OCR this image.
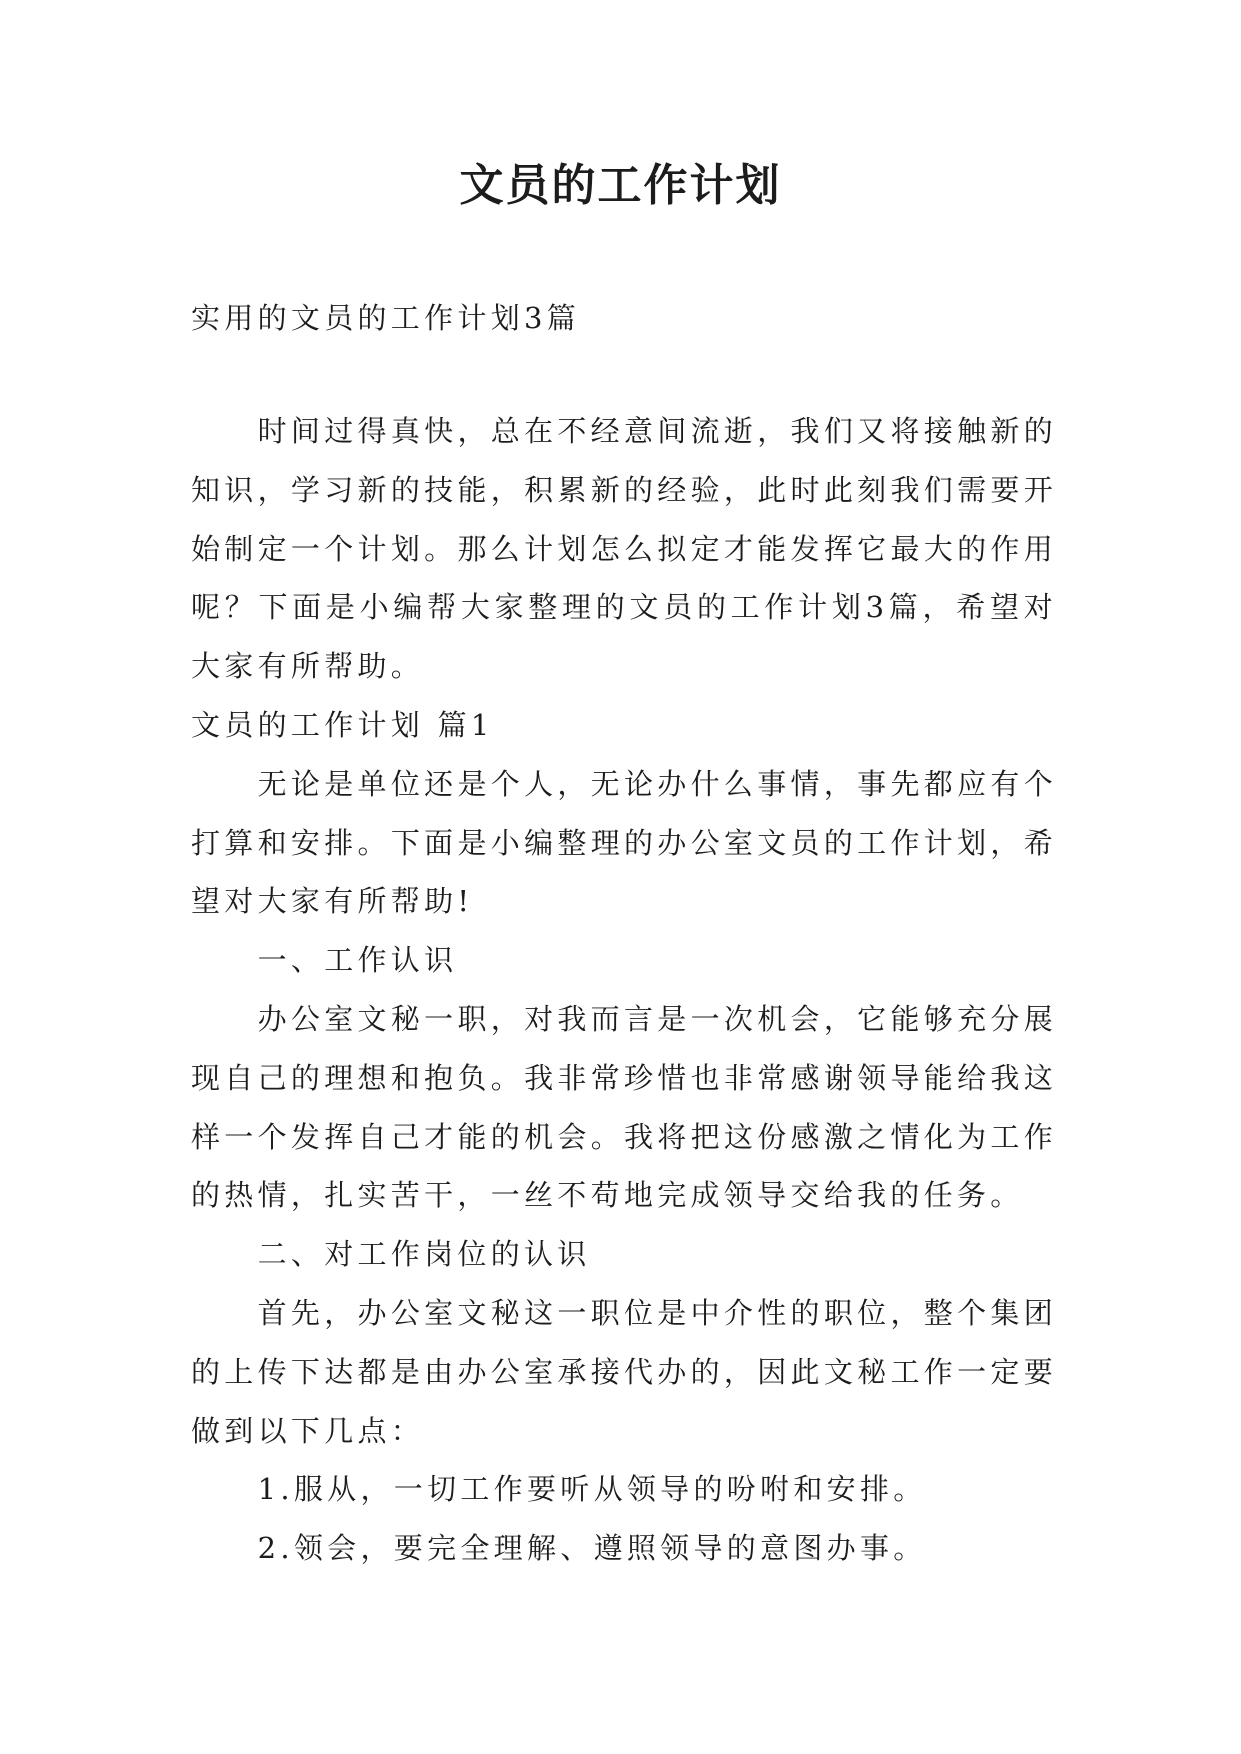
文员的工作计划
实用的文员的工作计划3篇
时间过得真快，总在不经意间流逝，我们又将接触新的
知识，学习新的技能，积累新的经验，此时此刻我们需要开
始制定一个计划。那么计划怎么拟定才能发挥它最大的作用
呢？下面是小编帮大家整理的文员的工作计划3篇，希望对
大家有所帮助。
文员的工作计划 篇1
无论是单位还是个人，无论办什么事情，事先都应有个
打算和安排。下面是小编整理的办公室文员的工作计划，希
望对大家有所帮助!
一、工作认识
办公室文秘一职，对我而言是一次机会，它能够充分展
现自己的理想和抱负。我非常珍惜也非常感谢领导能给我这
样一个发挥自己才能的机会。我将把这份感激之情化为工作
的热情，扎实苦干，一丝不苟地完成领导交给我的任务。
二、对工作岗位的认识
首先，办公室文秘这一职位是中介性的职位，整个集团
的上传下达都是由办公室承接代办的，因此文秘工作一定要
做到以下几点：
1.服从，一切工作要听从领导的吩咐和安排。
2.领会，要完全理解、遵照领导的意图办事。
